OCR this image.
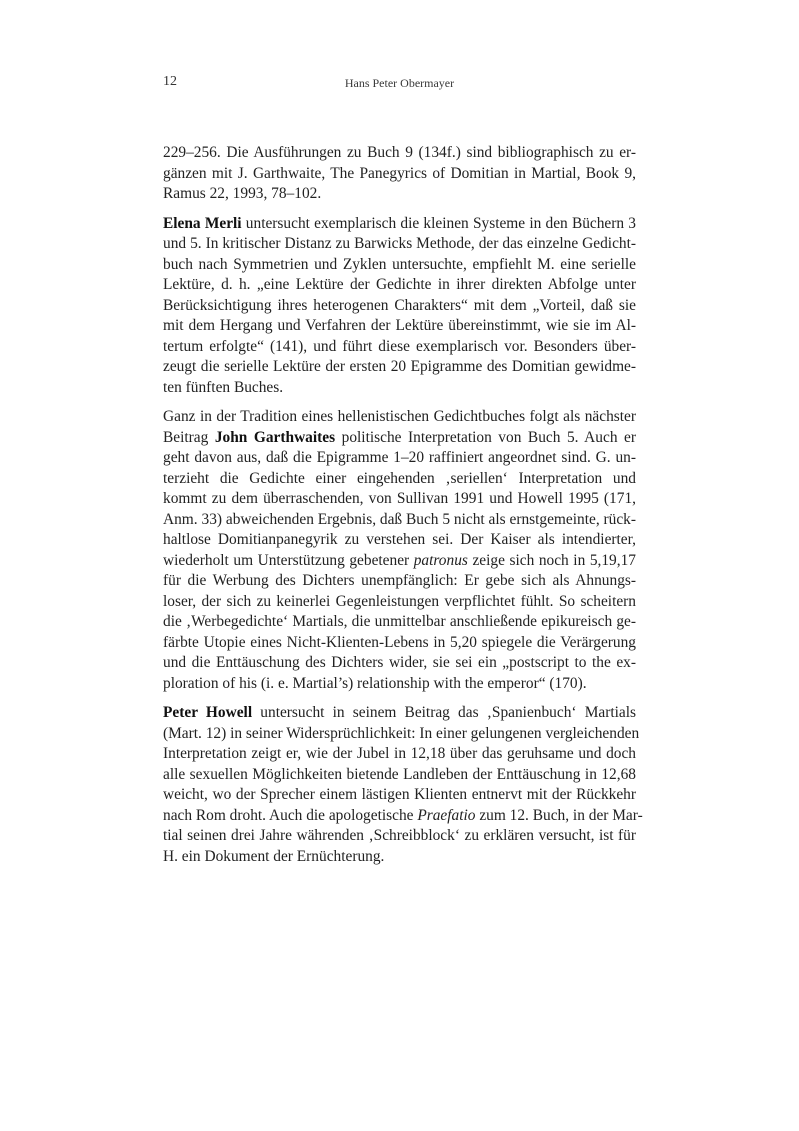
12	Hans Peter Obermayer

229–256. Die Ausführungen zu Buch 9 (134f.) sind bibliographisch zu er-
gänzen mit J. Garthwaite, The Panegyrics of Domitian in Martial, Book 9,
Ramus 22, 1993, 78–102.

Elena Merli untersucht exemplarisch die kleinen Systeme in den Büchern 3
und 5. In kritischer Distanz zu Barwicks Methode, der das einzelne Gedicht-
buch nach Symmetrien und Zyklen untersuchte, empfiehlt M. eine serielle
Lektüre, d. h. „eine Lektüre der Gedichte in ihrer direkten Abfolge unter
Berücksichtigung ihres heterogenen Charakters“ mit dem „Vorteil, daß sie
mit dem Hergang und Verfahren der Lektüre übereinstimmt, wie sie im Al-
tertum erfolgte“ (141), und führt diese exemplarisch vor. Besonders über-
zeugt die serielle Lektüre der ersten 20 Epigramme des Domitian gewidme-
ten fünften Buches.

Ganz in der Tradition eines hellenistischen Gedichtbuches folgt als nächster
Beitrag John Garthwaites politische Interpretation von Buch 5. Auch er
geht davon aus, daß die Epigramme 1–20 raffiniert angeordnet sind. G. un-
terzieht die Gedichte einer eingehenden ‚seriellen‘ Interpretation und
kommt zu dem überraschenden, von Sullivan 1991 und Howell 1995 (171,
Anm. 33) abweichenden Ergebnis, daß Buch 5 nicht als ernstgemeinte, rück-
haltlose Domitianpanegyrik zu verstehen sei. Der Kaiser als intendierter,
wiederholt um Unterstützung gebetener patronus zeige sich noch in 5,19,17
für die Werbung des Dichters unempfänglich: Er gebe sich als Ahnungs-
loser, der sich zu keinerlei Gegenleistungen verpflichtet fühlt. So scheitern
die ‚Werbegedichte‘ Martials, die unmittelbar anschließende epikureisch ge-
färbte Utopie eines Nicht-Klienten-Lebens in 5,20 spiegele die Verärgerung
und die Enttäuschung des Dichters wider, sie sei ein „postscript to the ex-
ploration of his (i. e. Martial’s) relationship with the emperor“ (170).

Peter Howell untersucht in seinem Beitrag das ‚Spanienbuch‘ Martials
(Mart. 12) in seiner Widersprüchlichkeit: In einer gelungenen vergleichenden
Interpretation zeigt er, wie der Jubel in 12,18 über das geruhsame und doch
alle sexuellen Möglichkeiten bietende Landleben der Enttäuschung in 12,68
weicht, wo der Sprecher einem lästigen Klienten entnervt mit der Rückkehr
nach Rom droht. Auch die apologetische Praefatio zum 12. Buch, in der Mar-
tial seinen drei Jahre währenden ‚Schreibblock‘ zu erklären versucht, ist für
H. ein Dokument der Ernüchterung.
